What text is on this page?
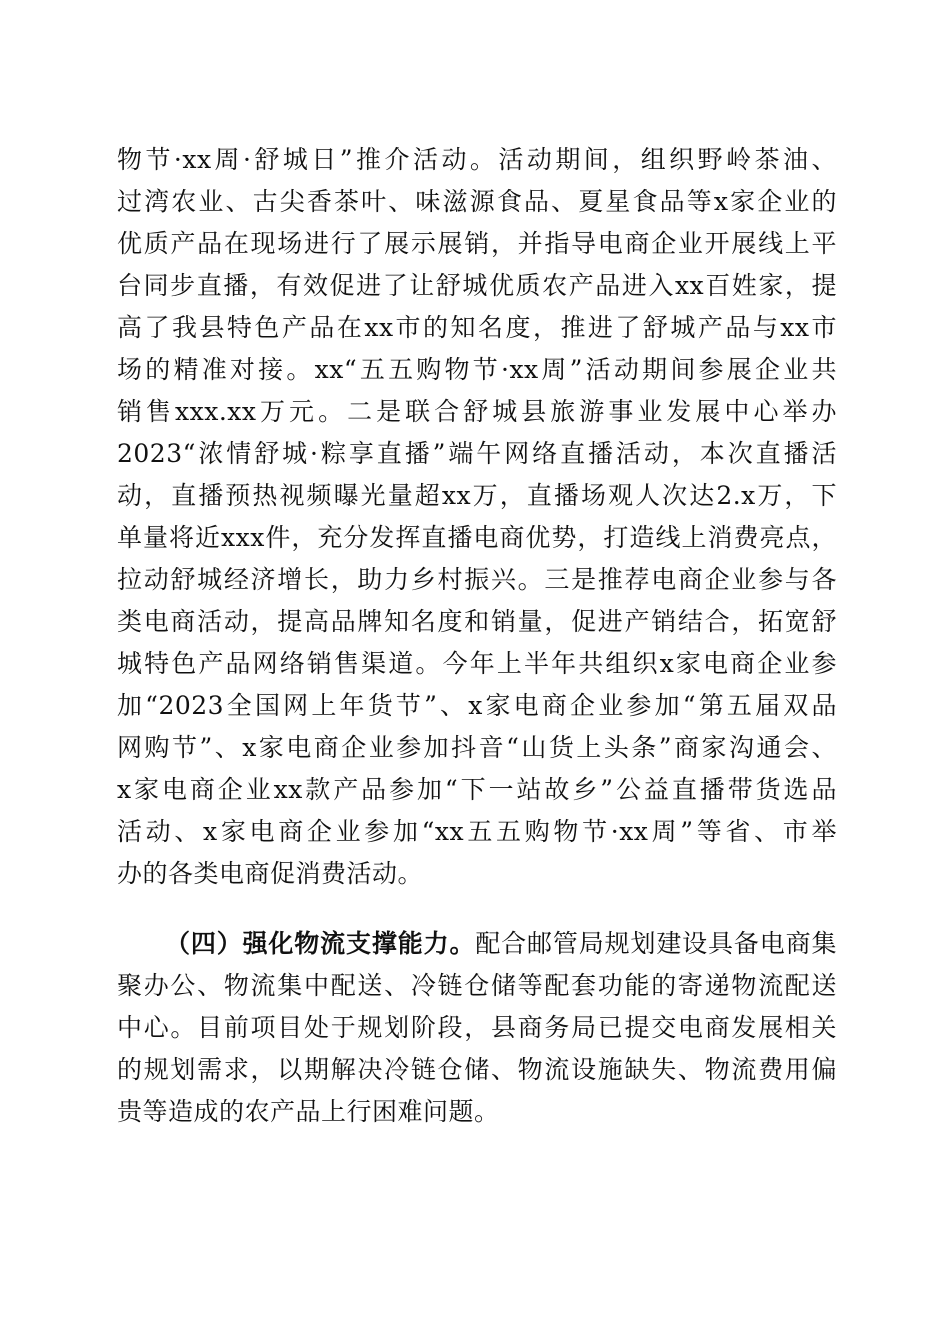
物节·xx周·舒城日”推介活动。活动期间，组织野岭茶油、
过湾农业、古尖香茶叶、味滋源食品、夏星食品等x家企业的
优质产品在现场进行了展示展销，并指导电商企业开展线上平
台同步直播，有效促进了让舒城优质农产品进入xx百姓家，提
高了我县特色产品在xx市的知名度，推进了舒城产品与xx市
场的精准对接。xx“五五购物节·xx周”活动期间参展企业共
销售xxx.xx万元。二是联合舒城县旅游事业发展中心举办
2023“浓情舒城·粽享直播”端午网络直播活动，本次直播活
动，直播预热视频曝光量超xx万，直播场观人次达2.x万，下
单量将近xxx件，充分发挥直播电商优势，打造线上消费亮点，
拉动舒城经济增长，助力乡村振兴。三是推荐电商企业参与各
类电商活动，提高品牌知名度和销量，促进产销结合，拓宽舒
城特色产品网络销售渠道。今年上半年共组织x家电商企业参
加“2023全国网上年货节”、x家电商企业参加“第五届双品
网购节”、x家电商企业参加抖音“山货上头条”商家沟通会、
x家电商企业xx款产品参加“下一站故乡”公益直播带货选品
活动、x家电商企业参加“xx五五购物节·xx周”等省、市举
办的各类电商促消费活动。
（四）强化物流支撑能力。配合邮管局规划建设具备电商集
聚办公、物流集中配送、冷链仓储等配套功能的寄递物流配送
中心。目前项目处于规划阶段，县商务局已提交电商发展相关
的规划需求，以期解决冷链仓储、物流设施缺失、物流费用偏
贵等造成的农产品上行困难问题。
